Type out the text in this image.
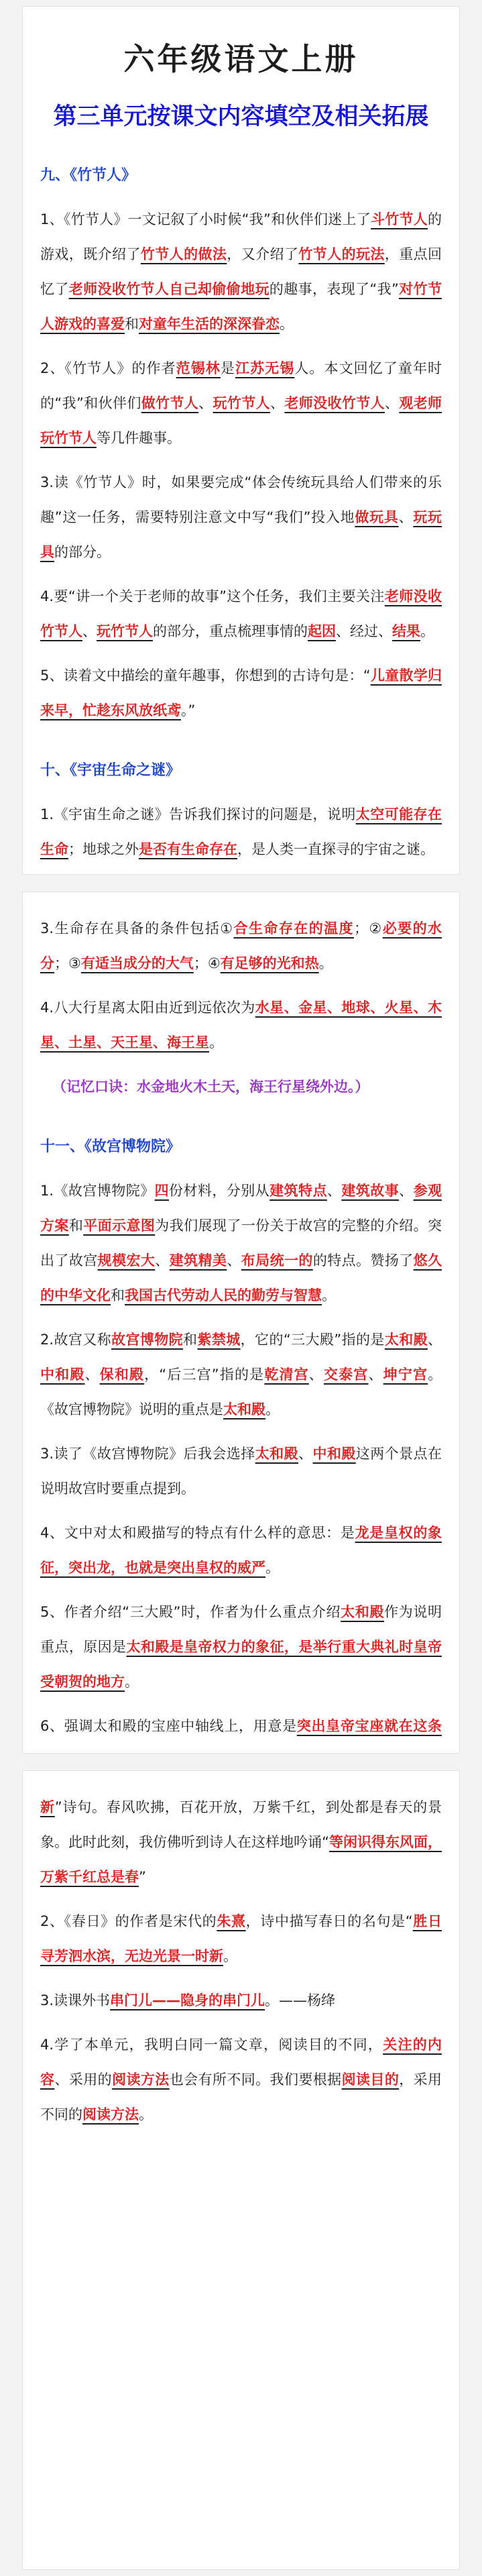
六年级语文上册
第三单元按课文内容填空及相关拓展
九、《竹节人》

1、《竹节人》一文记叙了小时候“我”和伙伴们迷上了斗竹节人的游戏，既介绍了竹节人的做法，又介绍了竹节人的玩法，重点回忆了老师没收竹节人自己却偷偷地玩的趣事，表现了“我”对竹节人游戏的喜爱和对童年生活的深深眷恋。

2、《竹节人》的作者范锡林是江苏无锡人。本文回忆了童年时的“我”和伙伴们做竹节人、玩竹节人、老师没收竹节人、观老师玩竹节人等几件趣事。

3.读《竹节人》时，如果要完成“体会传统玩具给人们带来的乐趣”这一任务，需要特别注意文中写“我们”投入地做玩具、玩玩具的部分。

4.要“讲一个关于老师的故事”这个任务，我们主要关注老师没收竹节人、玩竹节人的部分，重点梳理事情的起因、经过、结果。

5、读着文中描绘的童年趣事，你想到的古诗句是：“儿童散学归来早，忙趁东风放纸鸢。”

十、《宇宙生命之谜》

1.《宇宙生命之谜》告诉我们探讨的问题是，说明太空可能存在生命；地球之外是否有生命存在，是人类一直探寻的宇宙之谜。

3.生命存在具备的条件包括①合生命存在的温度；②必要的水分；③有适当成分的大气；④有足够的光和热。

4.八大行星离太阳由近到远依次为水星、金星、地球、火星、木星、土星、天王星、海王星。

（记忆口诀：水金地火木土天，海王行星绕外边。）
十一、《故宫博物院》

1.《故宫博物院》四份材料，分别从建筑特点、建筑故事、参观方案和平面示意图为我们展现了一份关于故宫的完整的介绍。突出了故宫规模宏大、建筑精美、布局统一的的特点。赞扬了悠久的中华文化和我国古代劳动人民的勤劳与智慧。

2.故宫又称故宫博物院和紫禁城，它的“三大殿”指的是太和殿、中和殿、保和殿，“后三宫”指的是乾清宫、交泰宫、坤宁宫。《故宫博物院》说明的重点是太和殿。

3.读了《故宫博物院》后我会选择太和殿、中和殿这两个景点在说明故宫时要重点提到。

4、文中对太和殿描写的特点有什么样的意思：是龙是皇权的象征，突出龙，也就是突出皇权的威严。

5、作者介绍“三大殿”时，作者为什么重点介绍太和殿作为说明重点，原因是太和殿是皇帝权力的象征，是举行重大典礼时皇帝受朝贺的地方。

6、强调太和殿的宝座中轴线上，用意是突出皇帝宝座就在这条

新”诗句。春风吹拂，百花开放，万紫千红，到处都是春天的景象。此时此刻，我仿佛听到诗人在这样地吟诵“等闲识得东风面，万紫千红总是春”

2、《春日》的作者是宋代的朱熹，诗中描写春日的名句是“胜日寻芳泗水滨，无边光景一时新。

3.读课外书串门儿——隐身的串门儿。——杨绛

4.学了本单元，我明白同一篇文章，阅读目的不同，关注的内容、采用的阅读方法也会有所不同。我们要根据阅读目的，采用不同的阅读方法。
